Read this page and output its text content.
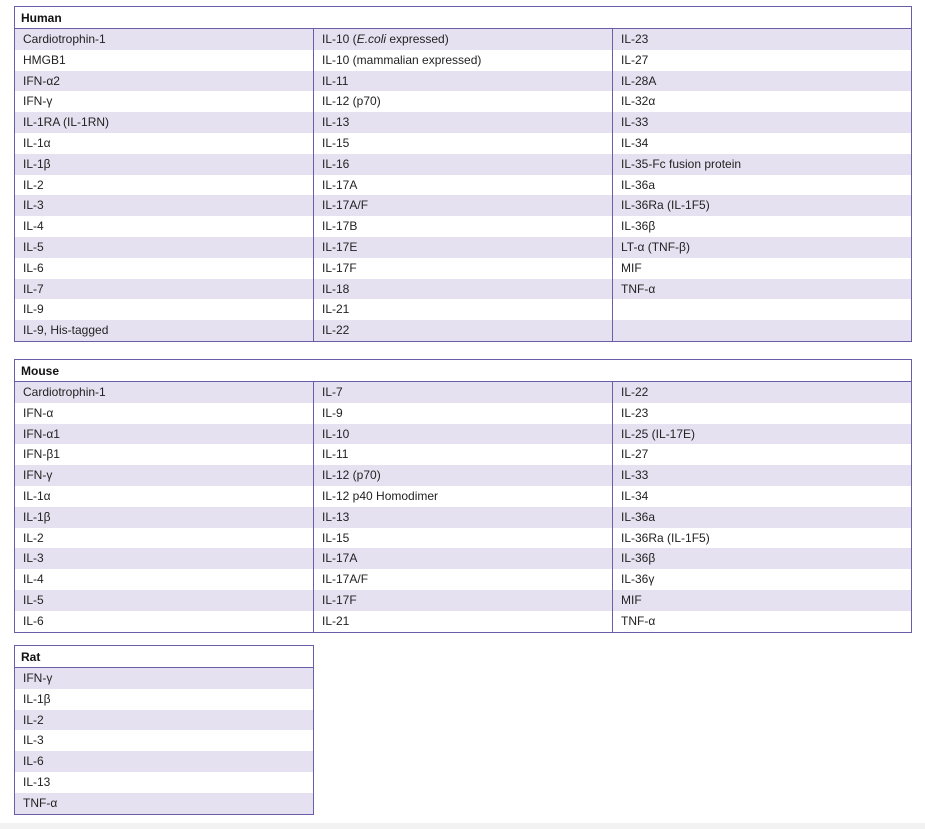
Human
Cardiotrophin-1
HMGB1
IFN-α2
IFN-γ
IL-1RA (IL-1RN)
IL-1α
IL-1β
IL-2
IL-3
IL-4
IL-5
IL-6
IL-7
IL-9
IL-9, His-tagged
IL-10 (E.coli expressed)
IL-10 (mammalian expressed)
IL-11
IL-12 (p70)
IL-13
IL-15
IL-16
IL-17A
IL-17A/F
IL-17B
IL-17E
IL-17F
IL-18
IL-21
IL-22
IL-23
IL-27
IL-28A
IL-32α
IL-33
IL-34
IL-35-Fc fusion protein
IL-36a
IL-36Ra (IL-1F5)
IL-36β
LT-α (TNF-β)
MIF
TNF-α
Mouse
Cardiotrophin-1
IFN-α
IFN-α1
IFN-β1
IFN-γ
IL-1α
IL-1β
IL-2
IL-3
IL-4
IL-5
IL-6
IL-7
IL-9
IL-10
IL-11
IL-12 (p70)
IL-12 p40 Homodimer
IL-13
IL-15
IL-17A
IL-17A/F
IL-17F
IL-21
IL-22
IL-23
IL-25 (IL-17E)
IL-27
IL-33
IL-34
IL-36a
IL-36Ra (IL-1F5)
IL-36β
IL-36γ
MIF
TNF-α
Rat
IFN-γ
IL-1β
IL-2
IL-3
IL-6
IL-13
TNF-α
